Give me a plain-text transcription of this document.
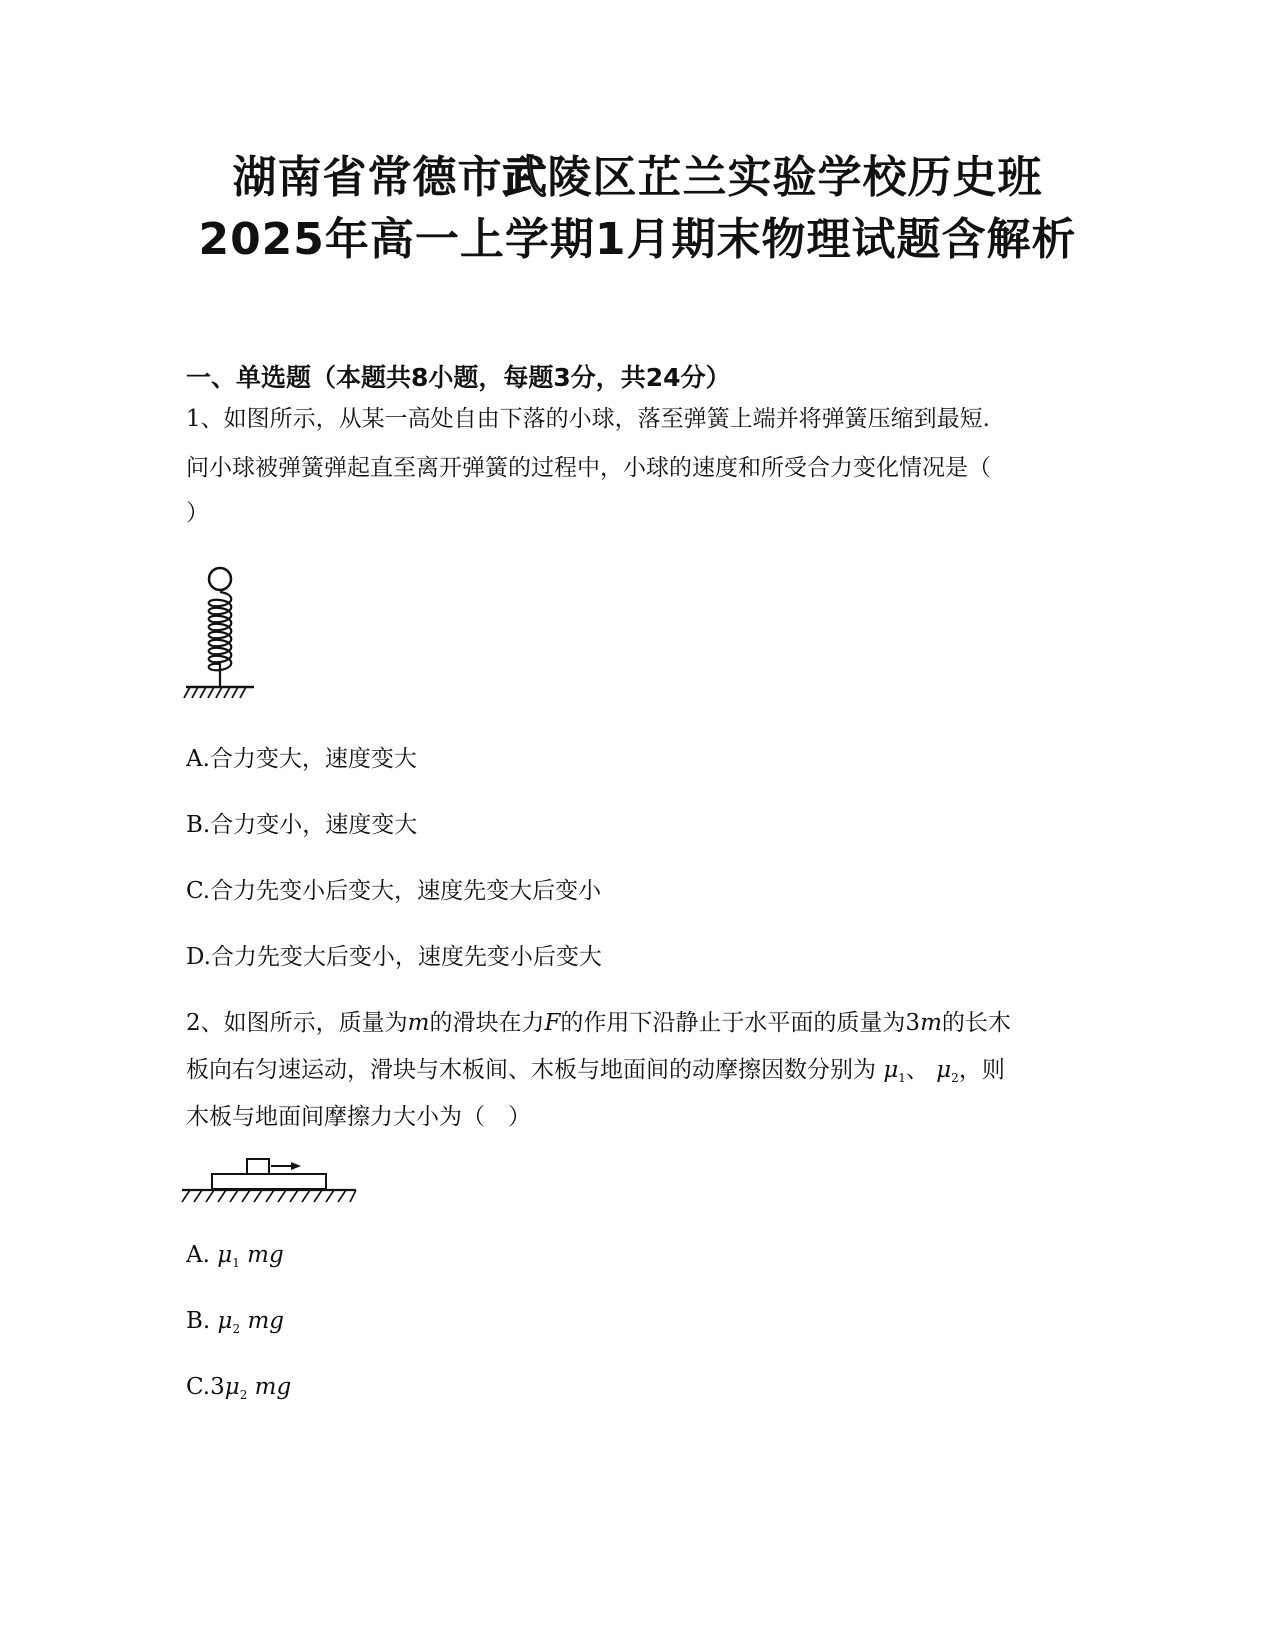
湖南省常德市武陵区芷兰实验学校历史班
2025年高一上学期1月期末物理试题含解析
一、单选题（本题共8小题，每题3分，共24分）
1、如图所示，从某一高处自由下落的小球，落至弹簧上端并将弹簧压缩到最短.
问小球被弹簧弹起直至离开弹簧的过程中，小球的速度和所受合力变化情况是（
）
A.合力变大，速度变大
B.合力变小，速度变大
C.合力先变小后变大，速度先变大后变小
D.合力先变大后变小，速度先变小后变大
2、如图所示，质量为m的滑块在力F的作用下沿静止于水平面的质量为3m的长木
板向右匀速运动，滑块与木板间、木板与地面间的动摩擦因数分别为 $\mu_1$、 $\mu_2$，则
木板与地面间摩擦力大小为（　）
A. $\mu_1$ mg
B. $\mu_2$ mg
$C.3\mu_2$ mg
